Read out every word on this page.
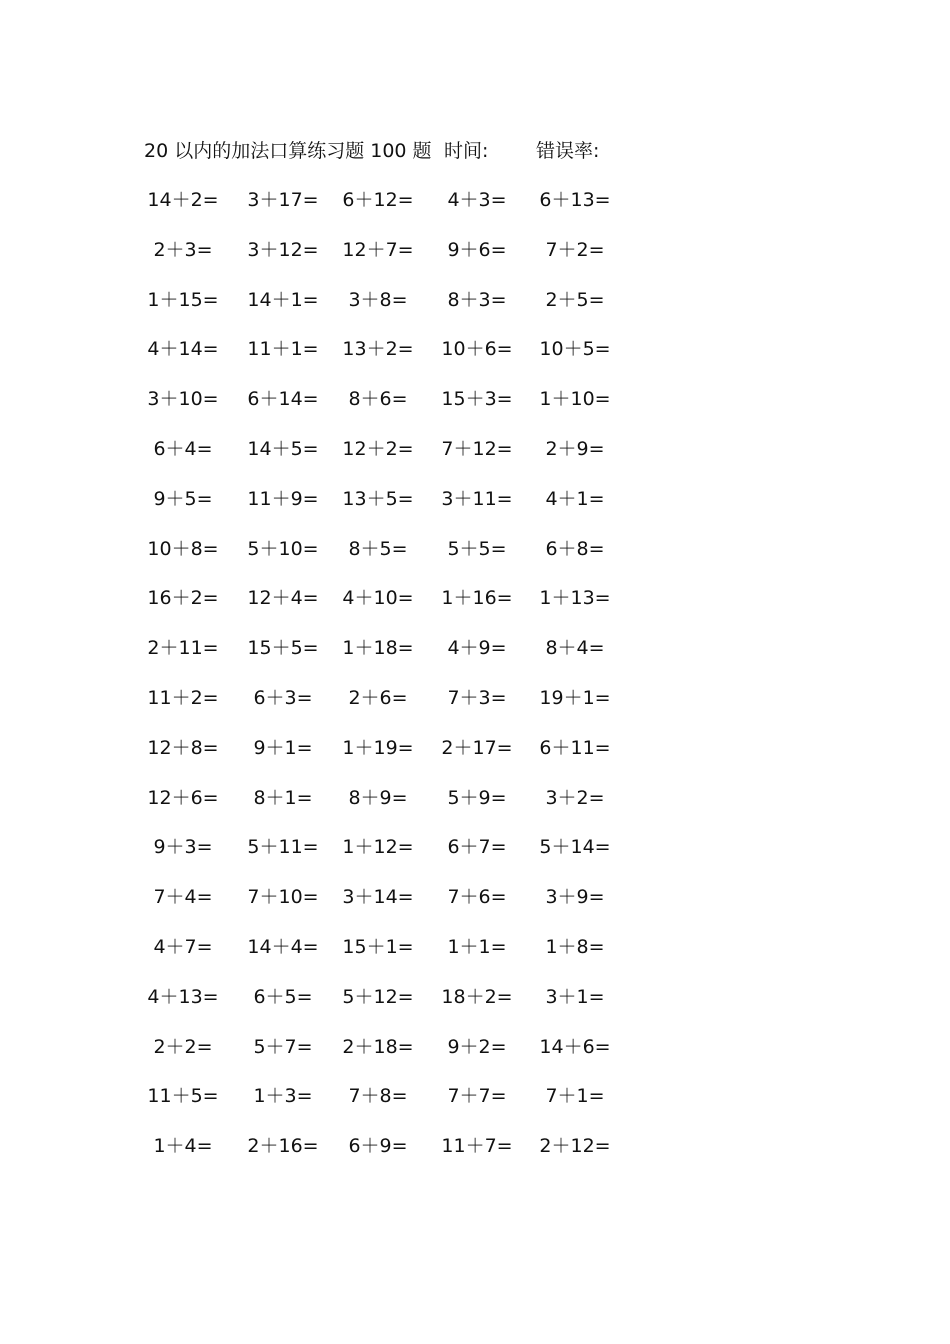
20 以内的加法口算练习题 100 题 时间:	错误率:
14＋2=	3＋17=	6＋12=	4＋3=	6＋13=
2＋3=	3＋12=	12＋7=	9＋6=	7＋2=
1＋15=	14＋1=	3＋8=	8＋3=	2＋5=
4＋14=	11＋1=	13＋2=	10＋6=	10＋5=
3＋10=	6＋14=	8＋6=	15＋3=	1＋10=
6＋4=	14＋5=	12＋2=	7＋12=	2＋9=
9＋5=	11＋9=	13＋5=	3＋11=	4＋1=
10＋8=	5＋10=	8＋5=	5＋5=	6＋8=
16＋2=	12＋4=	4＋10=	1＋16=	1＋13=
2＋11=	15＋5=	1＋18=	4＋9=	8＋4=
11＋2=	6＋3=	2＋6=	7＋3=	19＋1=
12＋8=	9＋1=	1＋19=	2＋17=	6＋11=
12＋6=	8＋1=	8＋9=	5＋9=	3＋2=
9＋3=	5＋11=	1＋12=	6＋7=	5＋14=
7＋4=	7＋10=	3＋14=	7＋6=	3＋9=
4＋7=	14＋4=	15＋1=	1＋1=	1＋8=
4＋13=	6＋5=	5＋12=	18＋2=	3＋1=
2＋2=	5＋7=	2＋18=	9＋2=	14＋6=
11＋5=	1＋3=	7＋8=	7＋7=	7＋1=
1＋4=	2＋16=	6＋9=	11＋7=	2＋12=
